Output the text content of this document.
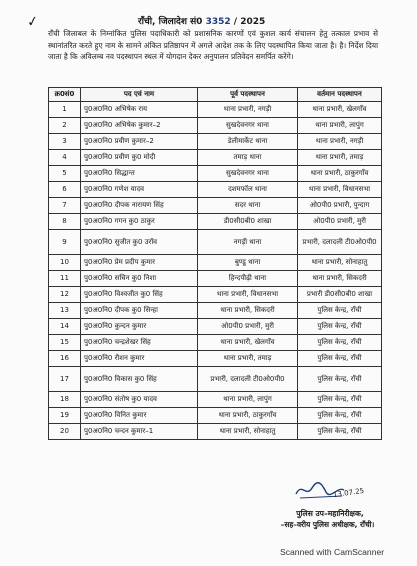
✓	राँची, जिलादेश सं0 3352 / 2025
राँची जिलाबल के निम्नांकित पुलिस पदाधिकारी को प्रशासनिक कारणों एवं कुशल कार्य संचालन हेतु तत्काल प्रभाव से स्थानांतरित करते हुए नाम के सामने अंकित प्रतिष्ठापन में अगले आदेश तक के लिए पदस्थापित किया जाता है। है। निर्देश दिया जाता है कि अविलम्ब नव पदस्थापन स्थल में योगदान देकर अनुपालन प्रतिवेदन समर्पित करेंगे।
क्र0सं0	पद एवं नाम	पूर्व पदस्थापन	वर्तमान पदस्थापन
1	पु0अ0नि0 अभिषेक राय	थाना प्रभारी, नगड़ी	थाना प्रभारी, खेलगाँव
2	पु0अ0नि0 अभिषेक कुमार–2	सुखदेवनगर थाना	थाना प्रभारी, लापुंग
3	पु0अ0नि0 प्रवीण कुमार–2	डेलीमार्केट थाना	थाना प्रभारी, नगड़ी
4	पु0अ0नि0 प्रवीण कु0 मोदी	तमाड़ थाना	थाना प्रभारी, तमाड़
5	पु0अ0नि0 सिद्धान्त	सुखदेवनगर थाना	थाना प्रभारी, ठाकुरगाँव
6	पु0अ0नि0 गणेश यादव	दशमफॉल थाना	थाना प्रभारी, विधानसभा
7	पु0अ0नि0 दीपक नारायण सिंह	सदर थाना	ओ0पी0 प्रभारी, पुन्दाग
8	पु0अ0नि0 गगन कु0 ठाकुर	डी0सी0बी0 शाखा	ओ0पी0 प्रभारी, मुरी
9	पु0अ0नि0 सुजीत कु0 उरॉव	नगड़ी थाना	प्रभारी, दलादली टी0ओ0पी0
10	पु0अ0नि0 प्रेम प्रदीप कुमार	बुण्डू थाना	थाना प्रभारी, सोनाहातु
11	पु0अ0नि0 सचिन कु0 निशा	हिन्दपीढ़ी थाना	थाना प्रभारी, सिकदरी
12	पु0अ0नि0 विश्वजीत कु0 सिंह	थाना प्रभारी, विधानसभा	प्रभारी डी0सी0बी0 शाखा
13	पु0अ0नि0 दीपक कु0 सिन्हा	थाना प्रभारी, सिकदरी	पुलिस केन्द्र, राँची
14	पु0अ0नि0 कुन्दन कुमार	ओ0पी0 प्रभारी, मुरी	पुलिस केन्द्र, राँची
15	पु0अ0नि0 चन्द्रशेखर सिंह	थाना प्रभारी, खेलगाँव	पुलिस केन्द्र, राँची
16	पु0अ0नि0 रौशन कुमार	थाना प्रभारी, तमाड़	पुलिस केन्द्र, राँची
17	पु0अ0नि0 विकास कु0 सिंह	प्रभारी, दलादली टी0ओ0पी0	पुलिस केन्द्र, राँची
18	पु0अ0नि0 संतोष कु0 यादव	थाना प्रभारी, लापुंग	पुलिस केन्द्र, राँची
19	पु0अ0नि0 विनित कुमार	थाना प्रभारी, ठाकुरगाँव	पुलिस केन्द्र, राँची
20	पु0अ0नि0 चन्दन कुमार–1	थाना प्रभारी, सोनाहातु	पुलिस केन्द्र, राँची
13.07.25
पुलिस उप–महानिरीक्षक,
–सह–वरीय पुलिस अधीक्षक, राँची।
Scanned with CamScanner
